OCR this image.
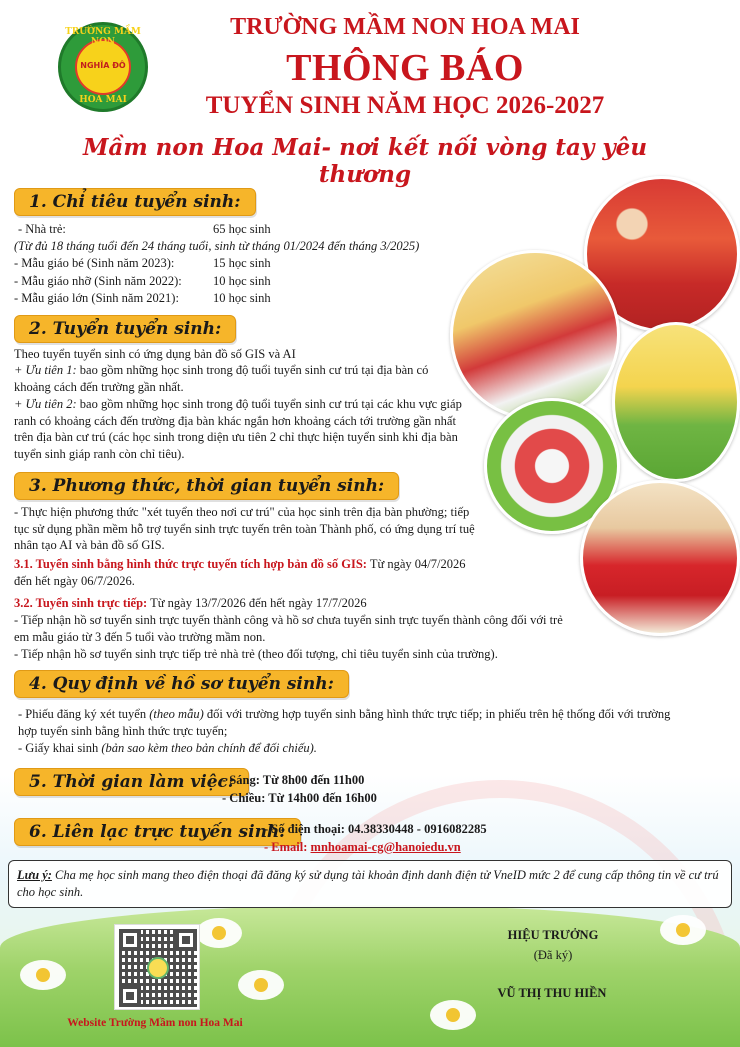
TRƯỜNG MẦM NON
NGHĨA ĐÔ
HOA MAI
TRƯỜNG MẦM NON HOA MAI
THÔNG BÁO
TUYỂN SINH NĂM HỌC 2026-2027
Mầm non Hoa Mai- nơi kết nối vòng tay yêu thương
1. Chỉ tiêu tuyển sinh:
- Nhà trẻ:	65 học sinh
(Từ đủ 18 tháng tuổi đến 24 tháng tuổi, sinh từ tháng 01/2024 đến tháng 3/2025)
- Mẫu giáo bé (Sinh năm 2023):	15 học sinh
- Mẫu giáo nhỡ (Sinh năm 2022):	10 học sinh
- Mẫu giáo lớn (Sinh năm 2021):	10 học sinh
2. Tuyển tuyển sinh:
Theo tuyển tuyển sinh có ứng dụng bản đồ số GIS và AI
+ Ưu tiên 1: bao gồm những học sinh trong độ tuổi tuyển sinh cư trú tại địa bàn có khoảng cách đến trường gần nhất.
+ Ưu tiên 2: bao gồm những học sinh trong độ tuổi tuyển sinh cư trú tại các khu vực giáp ranh có khoảng cách đến trường địa bàn khác ngắn hơn khoảng cách tới trường gần nhất trên địa bàn cư trú (các học sinh trong diện ưu tiên 2 chỉ thực hiện tuyển sinh khi địa bàn tuyển sinh giáp ranh còn chỉ tiêu).
3. Phương thức, thời gian tuyển sinh:
- Thực hiện phương thức "xét tuyển theo nơi cư trú" của học sinh trên địa bàn phường; tiếp tục sử dụng phần mềm hỗ trợ tuyển sinh trực tuyến trên toàn Thành phố, có ứng dụng trí tuệ nhân tạo AI và bản đồ số GIS.
3.1. Tuyển sinh bằng hình thức trực tuyến tích hợp bản đồ số GIS: Từ ngày 04/7/2026 đến hết ngày 06/7/2026.
3.2. Tuyển sinh trực tiếp: Từ ngày 13/7/2026 đến hết ngày 17/7/2026
- Tiếp nhận hồ sơ tuyển sinh trực tuyến thành công và hồ sơ chưa tuyển sinh trực tuyến thành công đối với trẻ em mẫu giáo từ 3 đến 5 tuổi vào trường mầm non.
- Tiếp nhận hồ sơ tuyển sinh trực tiếp trẻ nhà trẻ (theo đối tượng, chỉ tiêu tuyển sinh của trường).
4. Quy định về hồ sơ tuyển sinh:
- Phiếu đăng ký xét tuyển (theo mẫu) đối với trường hợp tuyển sinh bằng hình thức trực tiếp; in phiếu trên hệ thống đối với trường hợp tuyển sinh bằng hình thức trực tuyến;
- Giấy khai sinh (bản sao kèm theo bản chính để đối chiếu).
5. Thời gian làm việc:
- Sáng: Từ 8h00 đến 11h00
- Chiều: Từ 14h00 đến 16h00
6. Liên lạc trực tuyến sinh:
- Số điện thoại: 04.38330448 - 0916082285
- Email: mnhoamai-cg@hanoiedu.vn
Lưu ý: Cha mẹ học sinh mang theo điện thoại đã đăng ký sử dụng tài khoản định danh điện tử VneID mức 2 để cung cấp thông tin về cư trú cho học sinh.
Website Trường Mầm non Hoa Mai
HIỆU TRƯỞNG
(Đã ký)
VŨ THỊ THU HIỀN
